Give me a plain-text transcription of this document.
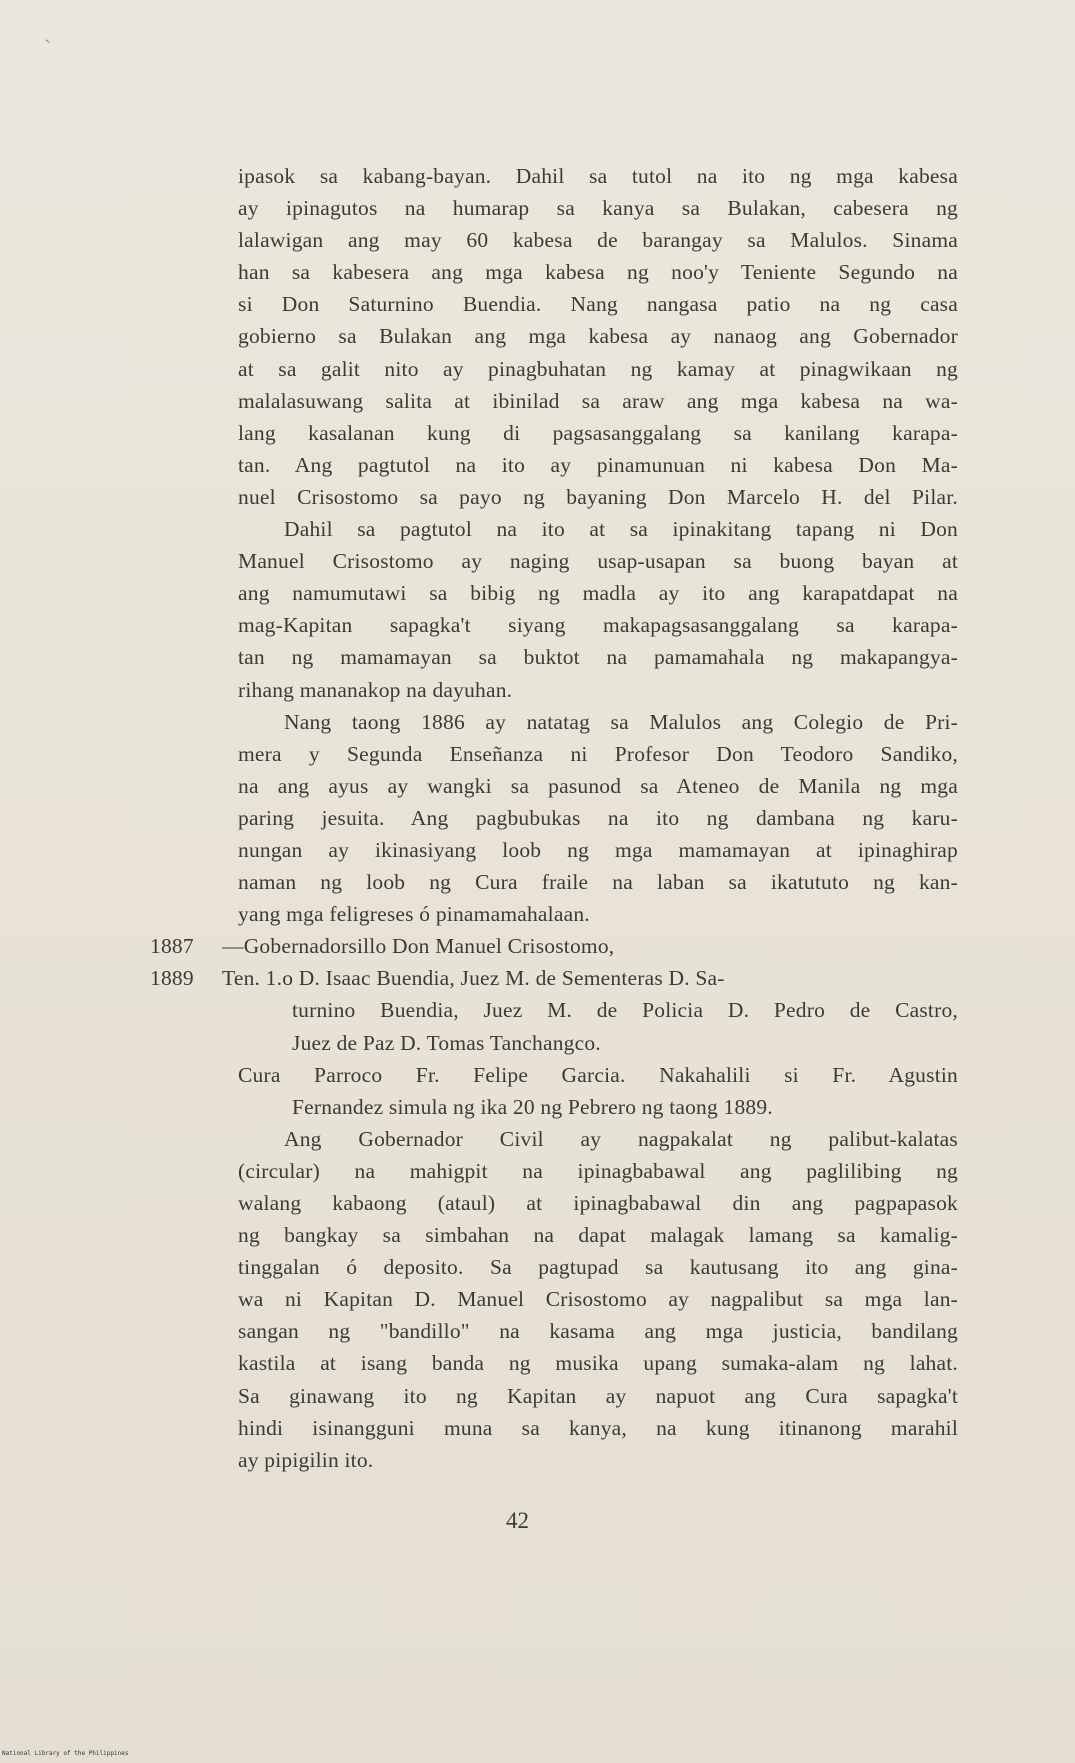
ˏ
ipasok sa kabang-bayan. Dahil sa tutol na ito ng mga kabesa
ay ipinagutos na humarap sa kanya sa Bulakan, cabesera ng
lalawigan ang may 60 kabesa de barangay sa Malulos. Sinama
han sa kabesera ang mga kabesa ng noo'y Teniente Segundo na
si Don Saturnino Buendia. Nang nangasa patio na ng casa
gobierno sa Bulakan ang mga kabesa ay nanaog ang Gobernador
at sa galit nito ay pinagbuhatan ng kamay at pinagwikaan ng
malalasuwang salita at ibinilad sa araw ang mga kabesa na wa-
lang kasalanan kung di pagsasanggalang sa kanilang karapa-
tan. Ang pagtutol na ito ay pinamunuan ni kabesa Don Ma-
nuel Crisostomo sa payo ng bayaning Don Marcelo H. del Pilar.
Dahil sa pagtutol na ito at sa ipinakitang tapang ni Don
Manuel Crisostomo ay naging usap-usapan sa buong bayan at
ang namumutawi sa bibig ng madla ay ito ang karapatdapat na
mag-Kapitan sapagka't siyang makapagsasanggalang sa karapa-
tan ng mamamayan sa buktot na pamamahala ng makapangya-
rihang mananakop na dayuhan.
Nang taong 1886 ay natatag sa Malulos ang Colegio de Pri-
mera y Segunda Enseñanza ni Profesor Don Teodoro Sandiko,
na ang ayus ay wangki sa pasunod sa Ateneo de Manila ng mga
paring jesuita. Ang pagbubukas na ito ng dambana ng karu-
nungan ay ikinasiyang loob ng mga mamamayan at ipinaghirap
naman ng loob ng Cura fraile na laban sa ikatututo ng kan-
yang mga feligreses ó pinamamahalaan.
1887 —Gobernadorsillo Don Manuel Crisostomo,
1889 Ten. 1.o D. Isaac Buendia, Juez M. de Sementeras D. Sa-
turnino Buendia, Juez M. de Policia D. Pedro de Castro,
Juez de Paz D. Tomas Tanchangco.
Cura Parroco Fr. Felipe Garcia. Nakahalili si Fr. Agustin
Fernandez simula ng ika 20 ng Pebrero ng taong 1889.
Ang Gobernador Civil ay nagpakalat ng palibut-kalatas
(circular) na mahigpit na ipinagbabawal ang paglilibing ng
walang kabaong (ataul) at ipinagbabawal din ang pagpapasok
ng bangkay sa simbahan na dapat malagak lamang sa kamalig-
tinggalan ó deposito. Sa pagtupad sa kautusang ito ang gina-
wa ni Kapitan D. Manuel Crisostomo ay nagpalibut sa mga lan-
sangan ng "bandillo" na kasama ang mga justicia, bandilang
kastila at isang banda ng musika upang sumaka-alam ng lahat.
Sa ginawang ito ng Kapitan ay napuot ang Cura sapagka't
hindi isinangguni muna sa kanya, na kung itinanong marahil
ay pipigilin ito.
42
National Library of the Philippines
